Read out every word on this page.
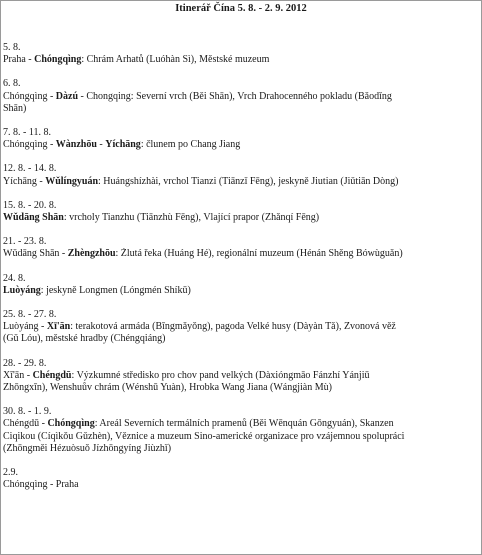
Itinerář Čína 5. 8. - 2. 9. 2012
5. 8.
Praha - Chóngqìng: Chrám Arhatů (Luóhàn Sì), Městské muzeum
6. 8.
Chóngqìng - Dàzú - Chongqing: Severní vrch (Běi Shān), Vrch Drahocenného pokladu (Bǎodǐng
Shān)
7. 8. - 11. 8.
Chóngqìng - Wànzhōu - Yíchāng: člunem po Chang Jiang
12. 8. - 14. 8.
Yíchāng - Wǔlíngyuán: Huángshízhài, vrchol Tianzi (Tiānzǐ Fēng), jeskyně Jiutian (Jiǔtiān Dòng)
15. 8. - 20. 8.
Wǔdāng Shān: vrcholy Tianzhu (Tiānzhù Fēng), Vlající prapor (Zhǎnqí Fēng)
21. - 23. 8.
Wǔdāng Shān - Zhèngzhōu: Žlutá řeka (Huáng Hé), regionální muzeum (Hénán Shěng Bówùguǎn)
24. 8.
Luòyáng: jeskyně Longmen (Lóngmén Shíkū)
25. 8. - 27. 8.
Luòyáng - Xī'ān: terakotová armáda (Bīngmǎyǒng), pagoda Velké husy (Dàyàn Tǎ), Zvonová věž
(Gǔ Lóu), městské hradby (Chéngqiáng)
28. - 29. 8.
Xī'ān - Chéngdū: Výzkumné středisko pro chov pand velkých (Dàxióngmāo Fánzhí Yánjiū
Zhōngxīn), Wenshuův chrám (Wénshū Yuàn), Hrobka Wang Jiana (Wángjiàn Mù)
30. 8. - 1. 9.
Chéngdū - Chóngqìng: Areál Severních termálních pramenů (Běi Wēnquán Gōngyuán), Skanzen
Ciqikou (Cíqìkǒu Gǔzhèn), Věznice a muzeum Sino-americké organizace pro vzájemnou spolupráci
(Zhōngměi Hézuòsuǒ Jízhōngyíng Jiùzhǐ)
2.9.
Chóngqìng - Praha
